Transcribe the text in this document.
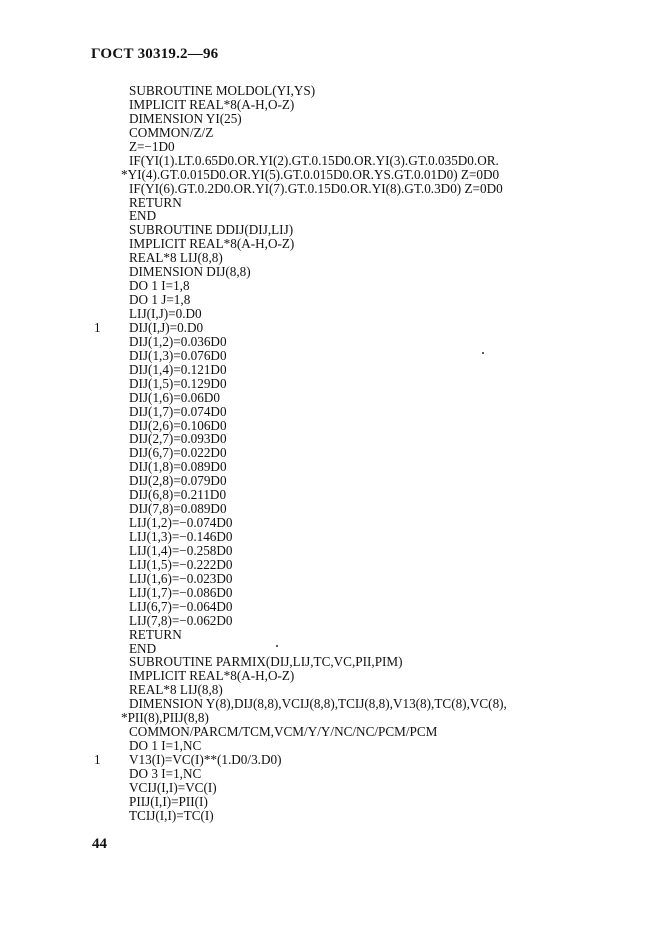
ГОСТ 30319.2—96
SUBROUTINE MOLDOL(YI,YS)
IMPLICIT REAL*8(A-H,O-Z)
DIMENSION YI(25)
COMMON/Z/Z
Z=−1D0
IF(YI(1).LT.0.65D0.OR.YI(2).GT.0.15D0.OR.YI(3).GT.0.035D0.OR.
*YI(4).GT.0.015D0.OR.YI(5).GT.0.015D0.OR.YS.GT.0.01D0) Z=0D0
IF(YI(6).GT.0.2D0.OR.YI(7).GT.0.15D0.OR.YI(8).GT.0.3D0) Z=0D0
RETURN
END
SUBROUTINE DDIJ(DIJ,LIJ)
IMPLICIT REAL*8(A-H,O-Z)
REAL*8 LIJ(8,8)
DIMENSION DIJ(8,8)
DO 1 I=1,8
DO 1 J=1,8
LIJ(I,J)=0.D0
1 DIJ(I,J)=0.D0
DIJ(1,2)=0.036D0
DIJ(1,3)=0.076D0
DIJ(1,4)=0.121D0
DIJ(1,5)=0.129D0
DIJ(1,6)=0.06D0
DIJ(1,7)=0.074D0
DIJ(2,6)=0.106D0
DIJ(2,7)=0.093D0
DIJ(6,7)=0.022D0
DIJ(1,8)=0.089D0
DIJ(2,8)=0.079D0
DIJ(6,8)=0.211D0
DIJ(7,8)=0.089D0
LIJ(1,2)=−0.074D0
LIJ(1,3)=−0.146D0
LIJ(1,4)=−0.258D0
LIJ(1,5)=−0.222D0
LIJ(1,6)=−0.023D0
LIJ(1,7)=−0.086D0
LIJ(6,7)=−0.064D0
LIJ(7,8)=−0.062D0
RETURN
END
SUBROUTINE PARMIX(DIJ,LIJ,TC,VC,PII,PIM)
IMPLICIT REAL*8(A-H,O-Z)
REAL*8 LIJ(8,8)
DIMENSION Y(8),DIJ(8,8),VCIJ(8,8),TCIJ(8,8),V13(8),TC(8),VC(8),
*PII(8),PIIJ(8,8)
COMMON/PARCM/TCM,VCM/Y/Y/NC/NC/PCM/PCM
DO 1 I=1,NC
1 V13(I)=VC(I)**(1.D0/3.D0)
DO 3 I=1,NC
VCIJ(I,I)=VC(I)
PIIJ(I,I)=PII(I)
TCIJ(I,I)=TC(I)
44
